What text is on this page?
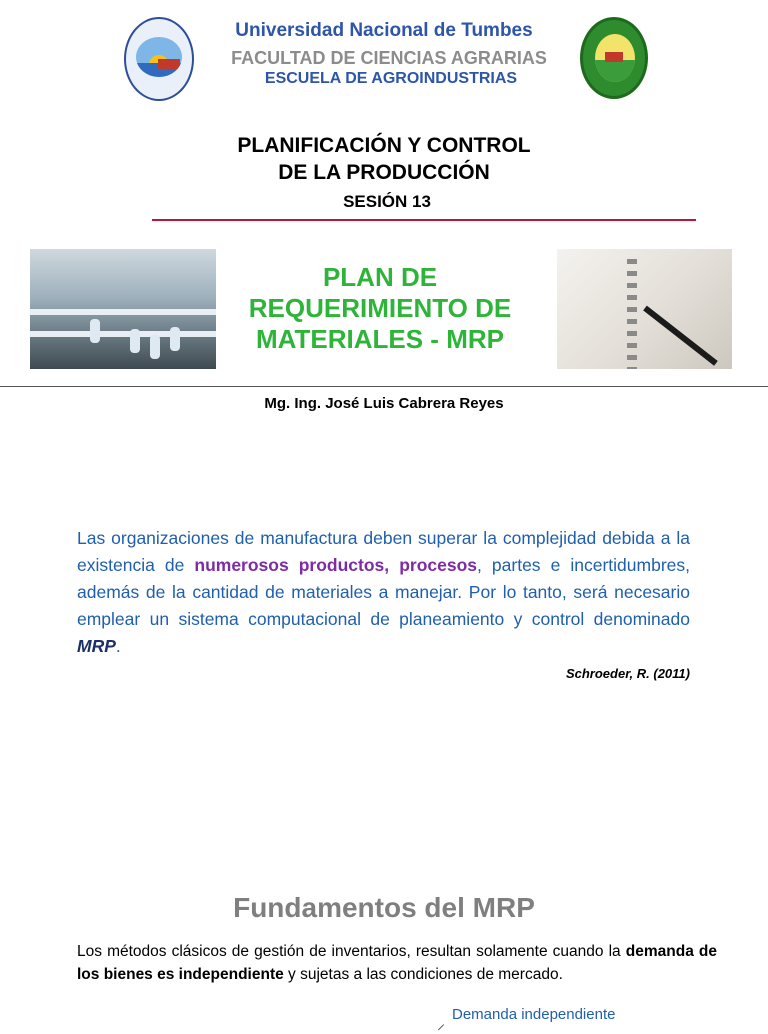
Universidad Nacional de Tumbes
FACULTAD DE CIENCIAS AGRARIAS
ESCUELA DE AGROINDUSTRIAS
PLANIFICACIÓN Y CONTROL
DE LA PRODUCCIÓN
SESIÓN 13
PLAN DE
REQUERIMIENTO DE
MATERIALES - MRP
Mg. Ing. José Luis Cabrera Reyes
Las organizaciones de manufactura deben superar la complejidad debida a la existencia de numerosos productos, procesos, partes e incertidumbres, además de la cantidad de materiales a manejar. Por lo tanto, será necesario emplear un sistema computacional de planeamiento y control denominado MRP.
Schroeder, R. (2011)
Fundamentos del MRP
Los métodos clásicos de gestión de inventarios, resultan solamente cuando la demanda de los bienes es independiente y sujetas a las condiciones de mercado.
⸝
Demanda independiente
